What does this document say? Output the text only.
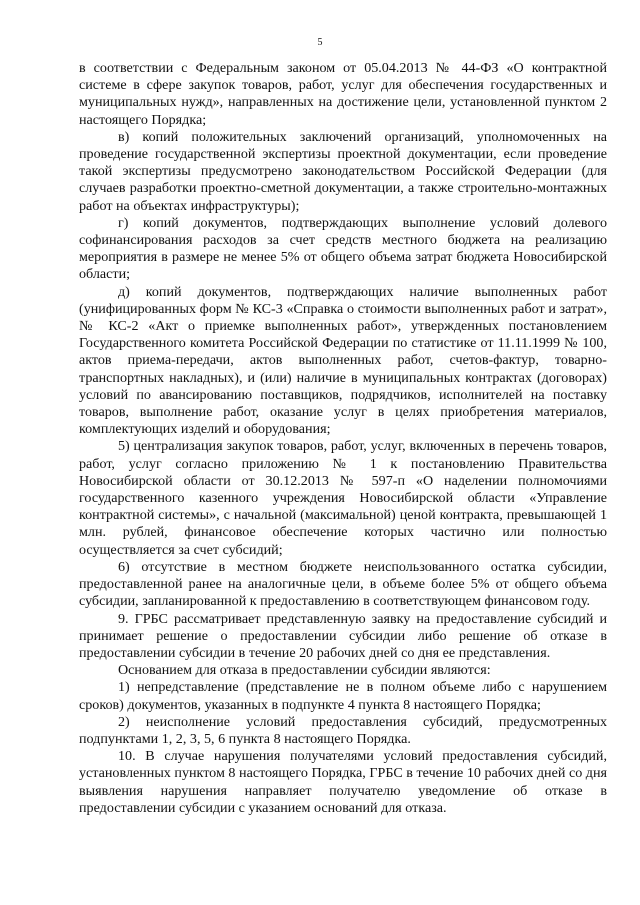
5

в соответствии с Федеральным законом от 05.04.2013 № 44-ФЗ «О контрактной системе в сфере закупок товаров, работ, услуг для обеспечения государственных и муниципальных нужд», направленных на достижение цели, установленной пунктом 2 настоящего Порядка;

в) копий положительных заключений организаций, уполномоченных на проведение государственной экспертизы проектной документации, если проведение такой экспертизы предусмотрено законодательством Российской Федерации (для случаев разработки проектно-сметной документации, а также строительно-монтажных работ на объектах инфраструктуры);

г) копий документов, подтверждающих выполнение условий долевого софинансирования расходов за счет средств местного бюджета на реализацию мероприятия в размере не менее 5% от общего объема затрат бюджета Новосибирской области;

д) копий документов, подтверждающих наличие выполненных работ (унифицированных форм № КС-3 «Справка о стоимости выполненных работ и затрат», № КС-2 «Акт о приемке выполненных работ», утвержденных постановлением Государственного комитета Российской Федерации по статистике от 11.11.1999 № 100, актов приема-передачи, актов выполненных работ, счетов-фактур, товарно-транспортных накладных), и (или) наличие в муниципальных контрактах (договорах) условий по авансированию поставщиков, подрядчиков, исполнителей на поставку товаров, выполнение работ, оказание услуг в целях приобретения материалов, комплектующих изделий и оборудования;

5) централизация закупок товаров, работ, услуг, включенных в перечень товаров, работ, услуг согласно приложению № 1 к постановлению Правительства Новосибирской области от 30.12.2013 № 597-п «О наделении полномочиями государственного казенного учреждения Новосибирской области «Управление контрактной системы», с начальной (максимальной) ценой контракта, превышающей 1 млн. рублей, финансовое обеспечение которых частично или полностью осуществляется за счет субсидий;

6) отсутствие в местном бюджете неиспользованного остатка субсидии, предоставленной ранее на аналогичные цели, в объеме более 5% от общего объема субсидии, запланированной к предоставлению в соответствующем финансовом году.

9. ГРБС рассматривает представленную заявку на предоставление субсидий и принимает решение о предоставлении субсидии либо решение об отказе в предоставлении субсидии в течение 20 рабочих дней со дня ее представления.

Основанием для отказа в предоставлении субсидии являются:

1) непредставление (представление не в полном объеме либо с нарушением сроков) документов, указанных в подпункте 4 пункта 8 настоящего Порядка;

2) неисполнение условий предоставления субсидий, предусмотренных подпунктами 1, 2, 3, 5, 6 пункта 8 настоящего Порядка.

10. В случае нарушения получателями условий предоставления субсидий, установленных пунктом 8 настоящего Порядка, ГРБС в течение 10 рабочих дней со дня выявления нарушения направляет получателю уведомление об отказе в предоставлении субсидии с указанием оснований для отказа.
